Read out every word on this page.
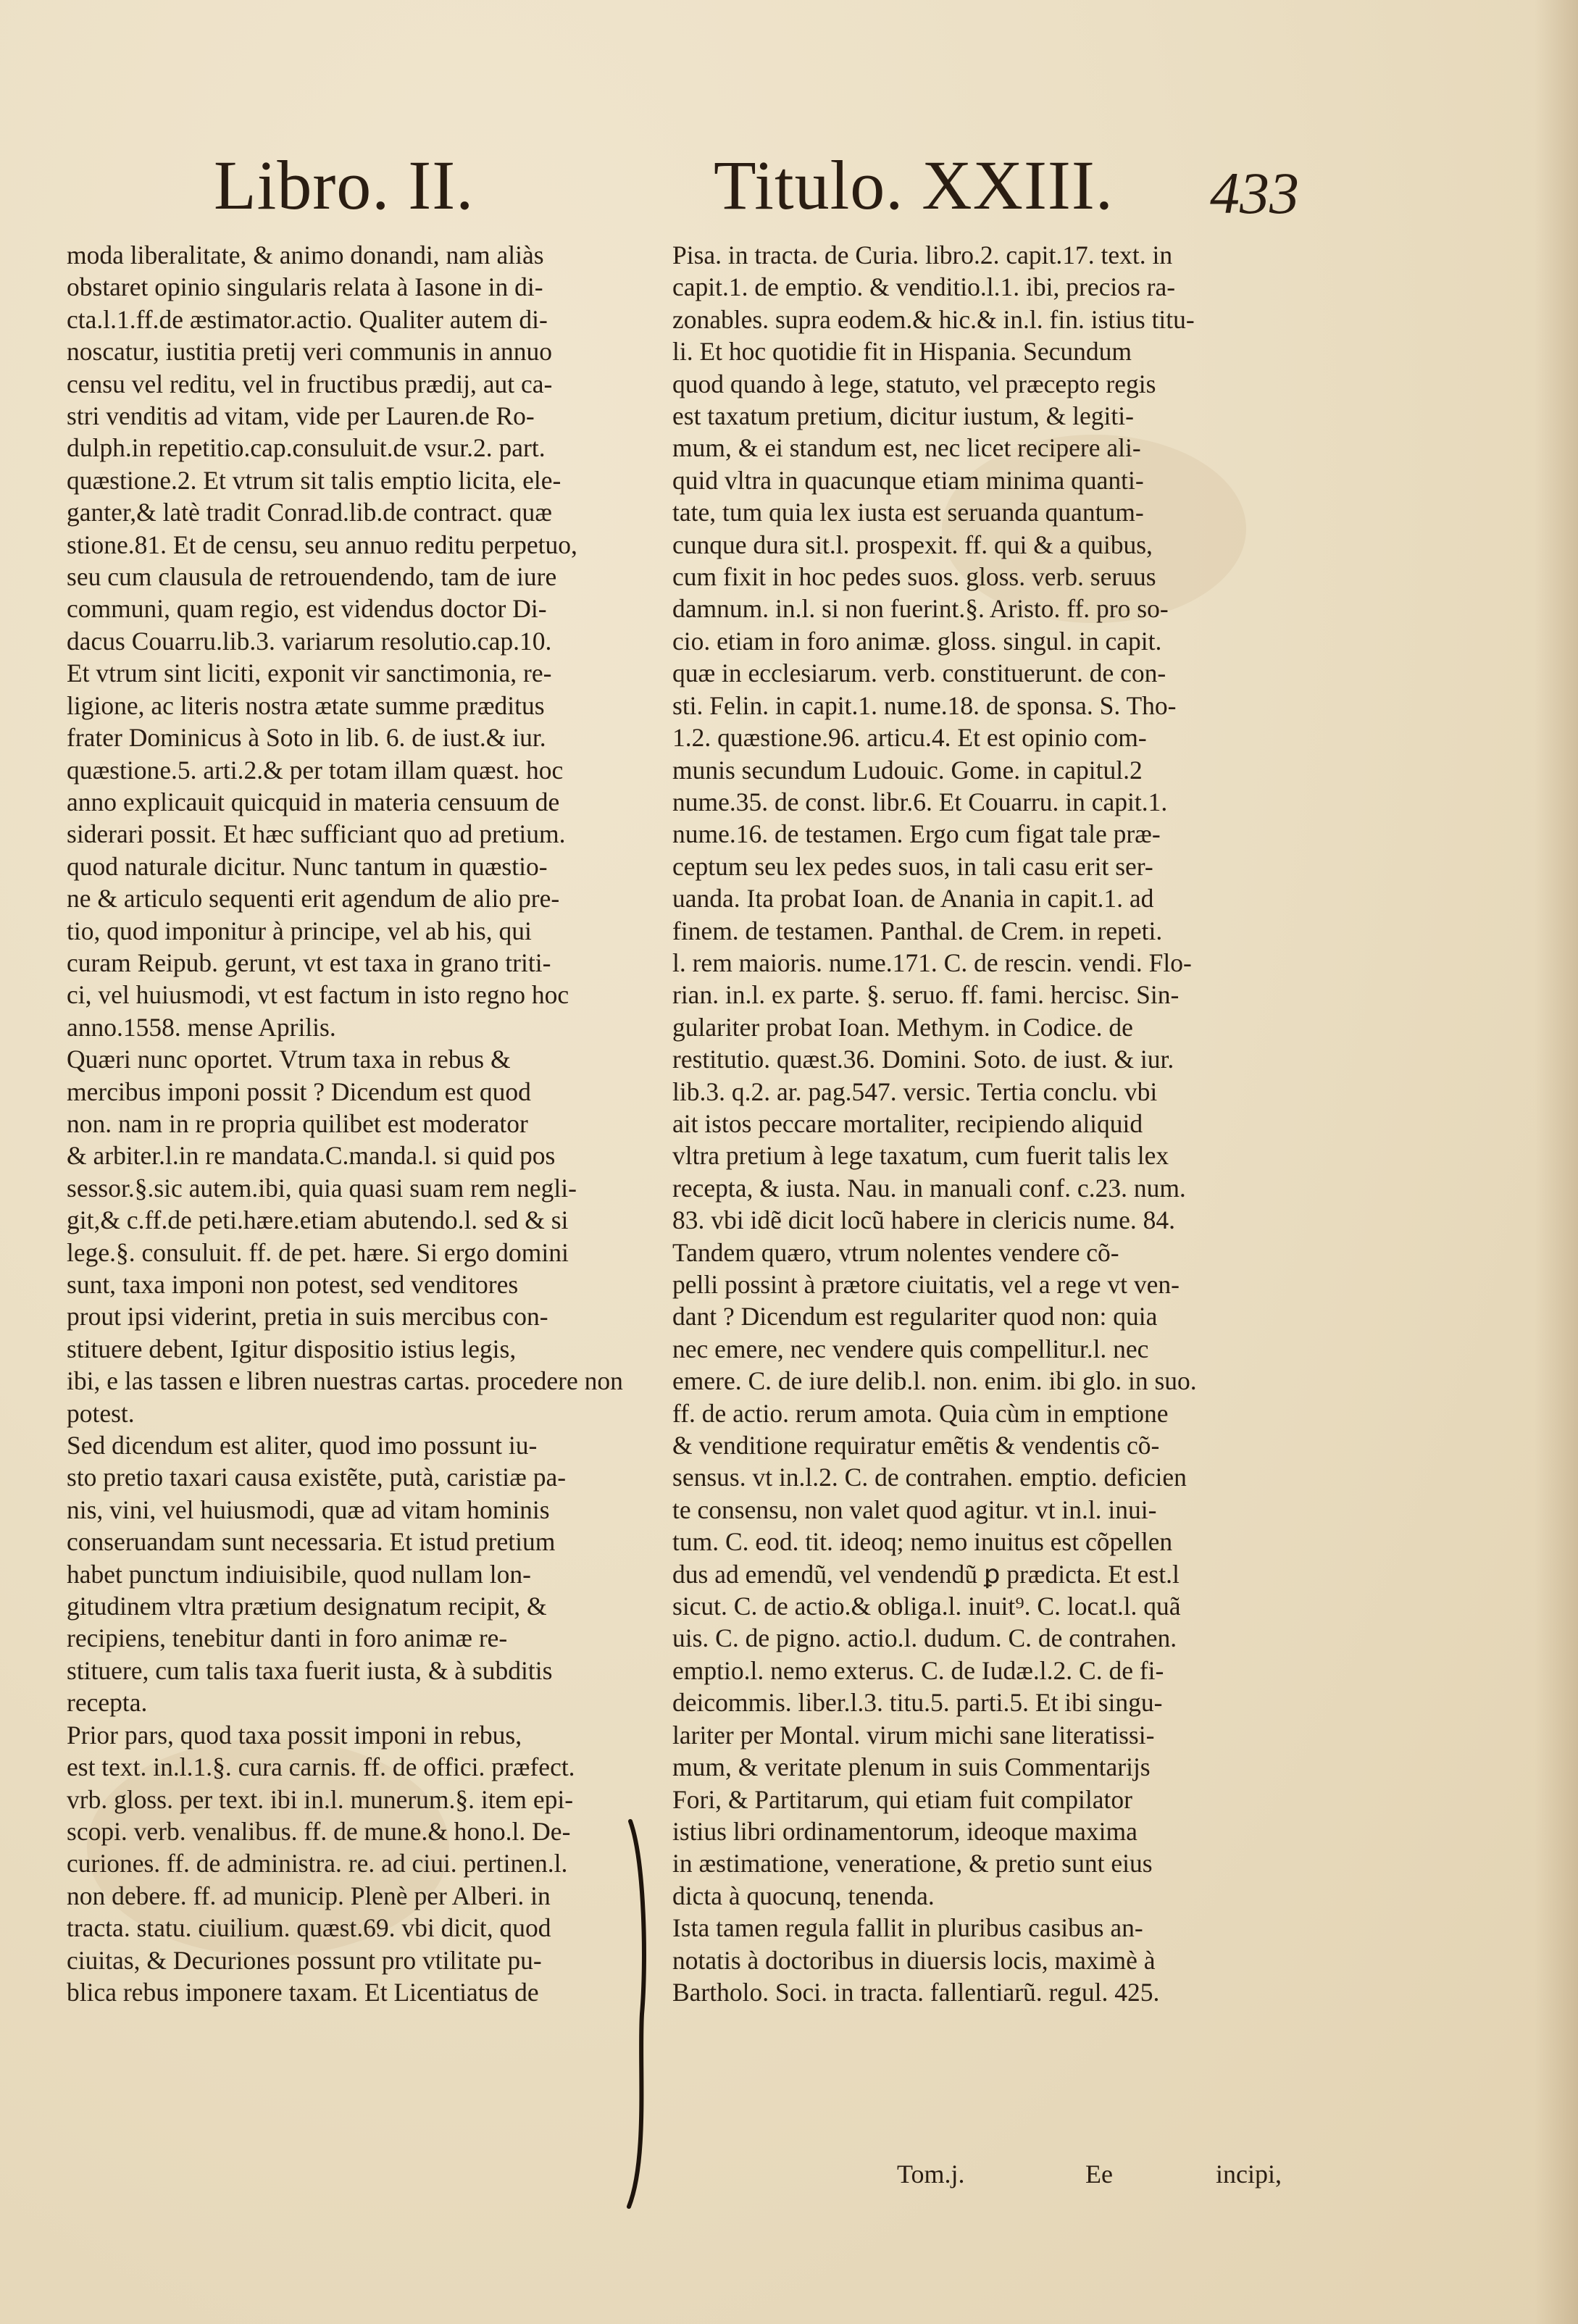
Libro. II.	Titulo. XXIII. 433

moda liberalitate, & animo donandi, nam aliàs

obstaret opinio singularis relata à Iasone in di-

cta.l.1.ff.de æstimator.actio. Qualiter autem di-

noscatur, iustitia pretij veri communis in annuo

censu vel reditu, vel in fructibus prædij, aut ca-

stri venditis ad vitam, vide per Lauren.de Ro-

dulph.in repetitio.cap.consuluit.de vsur.2. part.

quæstione.2. Et vtrum sit talis emptio licita, ele-

ganter,& latè tradit Conrad.lib.de contract. quæ

stione.81. Et de censu, seu annuo reditu perpetuo,

seu cum clausula de retrouendendo, tam de iure

communi, quam regio, est videndus doctor Di-

dacus Couarru.lib.3. variarum resolutio.cap.10.

Et vtrum sint liciti, exponit vir sanctimonia, re-

ligione, ac literis nostra ætate summe præditus

frater Dominicus à Soto in lib. 6. de iust.& iur.

quæstione.5. arti.2.& per totam illam quæst. hoc

anno explicauit quicquid in materia censuum de

siderari possit. Et hæc sufficiant quo ad pretium.

quod naturale dicitur. Nunc tantum in quæstio-

ne & articulo sequenti erit agendum de alio pre-

tio, quod imponitur à principe, vel ab his, qui

curam Reipub. gerunt, vt est taxa in grano triti-

ci, vel huiusmodi, vt est factum in isto regno hoc

anno.1558. mense Aprilis.

Quæri nunc oportet. Vtrum taxa in rebus &

mercibus imponi possit ? Dicendum est quod

non. nam in re propria quilibet est moderator

& arbiter.l.in re mandata.C.manda.l. si quid pos

sessor.§.sic autem.ibi, quia quasi suam rem negli-

git,& c.ff.de peti.hære.etiam abutendo.l. sed & si

lege.§. consuluit. ff. de pet. hære. Si ergo domini

sunt, taxa imponi non potest, sed venditores

prout ipsi viderint, pretia in suis mercibus con-

stituere debent, Igitur dispositio istius legis,

ibi, e las tassen e libren nuestras cartas. procedere non

potest.

Sed dicendum est aliter, quod imo possunt iu-

sto pretio taxari causa existẽte, putà, caristiæ pa-

nis, vini, vel huiusmodi, quæ ad vitam hominis

conseruandam sunt necessaria. Et istud pretium

habet punctum indiuisibile, quod nullam lon-

gitudinem vltra prætium designatum recipit, &

recipiens, tenebitur danti in foro animæ re-

stituere, cum talis taxa fuerit iusta, & à subditis

recepta.

Prior pars, quod taxa possit imponi in rebus,

est text. in.l.1.§. cura carnis. ff. de offici. præfect.

vrb. gloss. per text. ibi in.l. munerum.§. item epi-

scopi. verb. venalibus. ff. de mune.& hono.l. De-

curiones. ff. de administra. re. ad ciui. pertinen.l.

non debere. ff. ad municip. Plenè per Alberi. in

tracta. statu. ciuilium. quæst.69. vbi dicit, quod

ciuitas, & Decuriones possunt pro vtilitate pu-

blica rebus imponere taxam. Et Licentiatus de

Pisa. in tracta. de Curia. libro.2. capit.17. text. in

capit.1. de emptio. & venditio.l.1. ibi, precios ra-

zonables. supra eodem.& hic.& in.l. fin. istius titu-

li. Et hoc quotidie fit in Hispania. Secundum

quod quando à lege, statuto, vel præcepto regis

est taxatum pretium, dicitur iustum, & legiti-

mum, & ei standum est, nec licet recipere ali-

quid vltra in quacunque etiam minima quanti-

tate, tum quia lex iusta est seruanda quantum-

cunque dura sit.l. prospexit. ff. qui & a quibus,

cum fixit in hoc pedes suos. gloss. verb. seruus

damnum. in.l. si non fuerint.§. Aristo. ff. pro so-

cio. etiam in foro animæ. gloss. singul. in capit.

quæ in ecclesiarum. verb. constituerunt. de con-

sti. Felin. in capit.1. nume.18. de sponsa. S. Tho-

1.2. quæstione.96. articu.4. Et est opinio com-

munis secundum Ludouic. Gome. in capitul.2

nume.35. de const. libr.6. Et Couarru. in capit.1.

nume.16. de testamen. Ergo cum figat tale præ-

ceptum seu lex pedes suos, in tali casu erit ser-

uanda. Ita probat Ioan. de Anania in capit.1. ad

finem. de testamen. Panthal. de Crem. in repeti.

l. rem maioris. nume.171. C. de rescin. vendi. Flo-

rian. in.l. ex parte. §. seruo. ff. fami. hercisc. Sin-

gulariter probat Ioan. Methym. in Codice. de

restitutio. quæst.36. Domini. Soto. de iust. & iur.

lib.3. q.2. ar. pag.547. versic. Tertia conclu. vbi

ait istos peccare mortaliter, recipiendo aliquid

vltra pretium à lege taxatum, cum fuerit talis lex

recepta, & iusta. Nau. in manuali conf. c.23. num.

83. vbi idẽ dicit locũ habere in clericis nume. 84.

Tandem quæro, vtrum nolentes vendere cõ-

pelli possint à prætore ciuitatis, vel a rege vt ven-

dant ? Dicendum est regulariter quod non: quia

nec emere, nec vendere quis compellitur.l. nec

emere. C. de iure delib.l. non. enim. ibi glo. in suo.

ff. de actio. rerum amota. Quia cùm in emptione

& venditione requiratur emẽtis & vendentis cõ-

sensus. vt in.l.2. C. de contrahen. emptio. deficien

te consensu, non valet quod agitur. vt in.l. inui-

tum. C. eod. tit. ideoq; nemo inuitus est cõpellen

dus ad emendũ, vel vendendũ ꝑ prædicta. Et est.l

sicut. C. de actio.& obliga.l. inuit⁹. C. locat.l. quã

uis. C. de pigno. actio.l. dudum. C. de contrahen.

emptio.l. nemo exterus. C. de Iudæ.l.2. C. de fi-

deicommis. liber.l.3. titu.5. parti.5. Et ibi singu-

lariter per Montal. virum michi sane literatissi-

mum, & veritate plenum in suis Commentarijs

Fori, & Partitarum, qui etiam fuit compilator

istius libri ordinamentorum, ideoque maxima

in æstimatione, veneratione, & pretio sunt eius

dicta à quocunq, tenenda.

Ista tamen regula fallit in pluribus casibus an-

notatis à doctoribus in diuersis locis, maximè à

Bartholo. Soci. in tracta. fallentiarũ. regul. 425.

Tom.j.	Ee	incipi,
